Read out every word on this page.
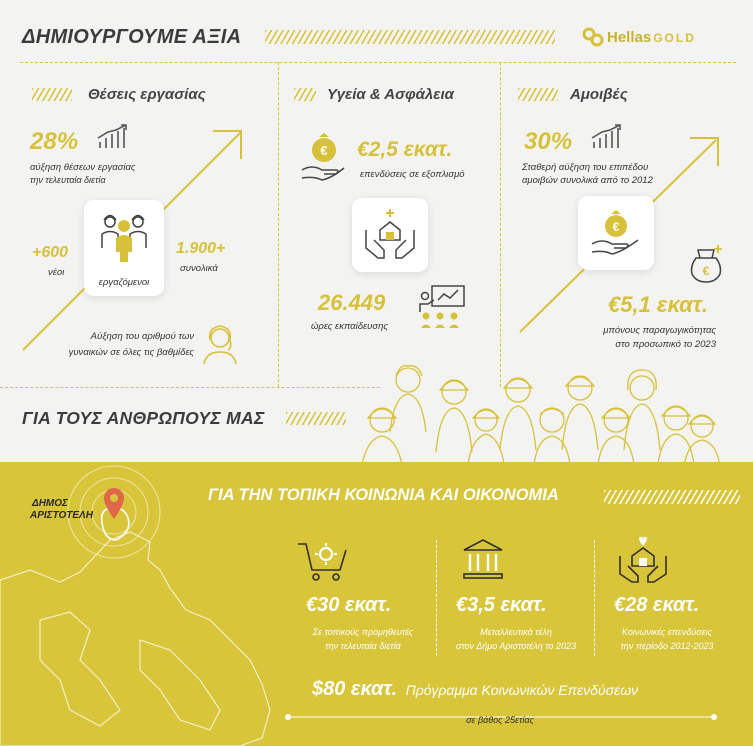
ΔΗΜΙΟΥΡΓΟΥΜΕ ΑΞΙΑ	Hellas GOLD
Θέσεις εργασίας
28%
αύξηση θέσεων εργασίας
την τελευταία διετία
εργαζόμενοι
+600
νέοι
1.900+
συνολικά
Αύξηση του αριθμού των
γυναικών σε όλες τις βαθμίδες
Υγεία & Ασφάλεια
€ €2,5 εκατ.
επενδύσεις σε εξοπλισμό
26.449
ώρες εκπαίδευσης
Αμοιβές
30%
Σταθερή αύξηση του επιπέδου
αμοιβών συνολικά από το 2012
€
€
€5,1 εκατ.
μπόνους παραγωγικότητας
στο προσωπικό το 2023
ΓΙΑ ΤΟΥΣ ΑΝΘΡΩΠΟΥΣ ΜΑΣ
ΔΗΜΟΣ
ΑΡΙΣΤΟΤΕΛΗ
ΓΙΑ ΤΗΝ ΤΟΠΙΚΗ ΚΟΙΝΩΝΙΑ ΚΑΙ ΟΙΚΟΝΟΜΙΑ
€30 εκατ.
Σε τοπικούς προμηθευτές
την τελευταία διετία
€3,5 εκατ.
Μεταλλευτικά τέλη
στον Δήμο Αριστοτέλη το 2023
€28 εκατ.
Κοινωνικές επενδύσεις
την περίοδο 2012-2023
$80 εκατ. Πρόγραμμα Κοινωνικών Επενδύσεων
σε βάθος 25ετίας
